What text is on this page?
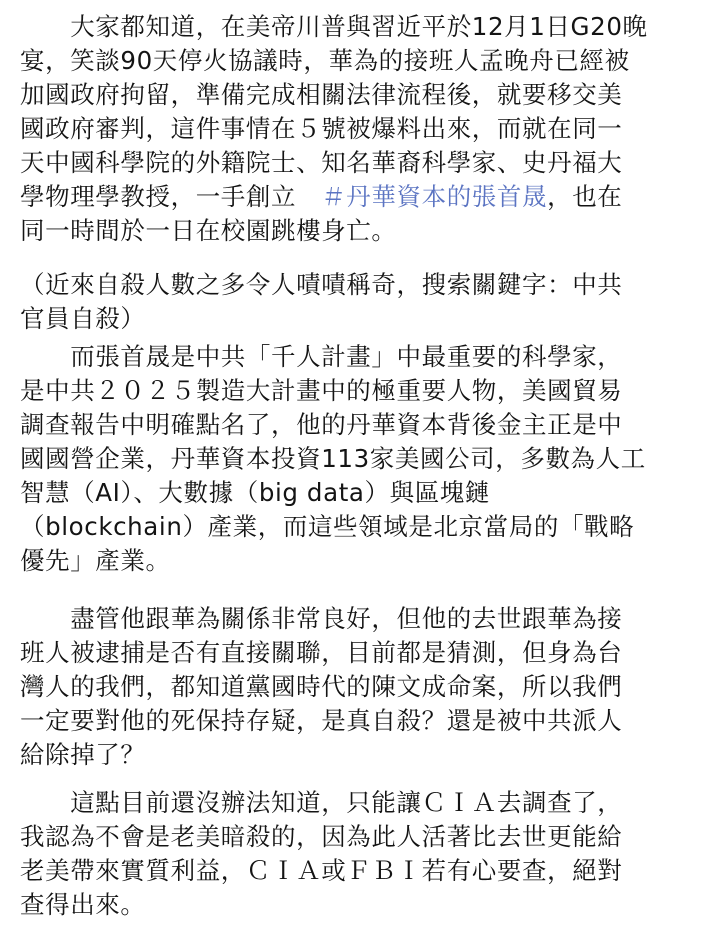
　　大家都知道，在美帝川普與習近平於12月1日G20晚
宴，笑談90天停火協議時，華為的接班人孟晚舟已經被
加國政府拘留，準備完成相關法律流程後，就要移交美
國政府審判，這件事情在５號被爆料出來，而就在同一
天中國科學院的外籍院士、知名華裔科學家、史丹福大
學物理學教授，一手創立　＃丹華資本的張首晟，也在
同一時間於一日在校園跳樓身亡。
（近來自殺人數之多令人嘖嘖稱奇，搜索關鍵字：中共
官員自殺）
　　而張首晟是中共「千人計畫」中最重要的科學家，
是中共２０２５製造大計畫中的極重要人物，美國貿易
調查報告中明確點名了，他的丹華資本背後金主正是中
國國營企業，丹華資本投資113家美國公司，多數為人工
智慧（AI）、大數據（big data）與區塊鏈
（blockchain）產業，而這些領域是北京當局的「戰略
優先」產業。
　　盡管他跟華為關係非常良好，但他的去世跟華為接
班人被逮捕是否有直接關聯，目前都是猜測，但身為台
灣人的我們，都知道黨國時代的陳文成命案，所以我們
一定要對他的死保持存疑，是真自殺？還是被中共派人
給除掉了？
　　這點目前還沒辦法知道，只能讓ＣＩＡ去調查了，
我認為不會是老美暗殺的，因為此人活著比去世更能給
老美帶來實質利益，ＣＩＡ或ＦＢＩ若有心要查，絕對
查得出來。
